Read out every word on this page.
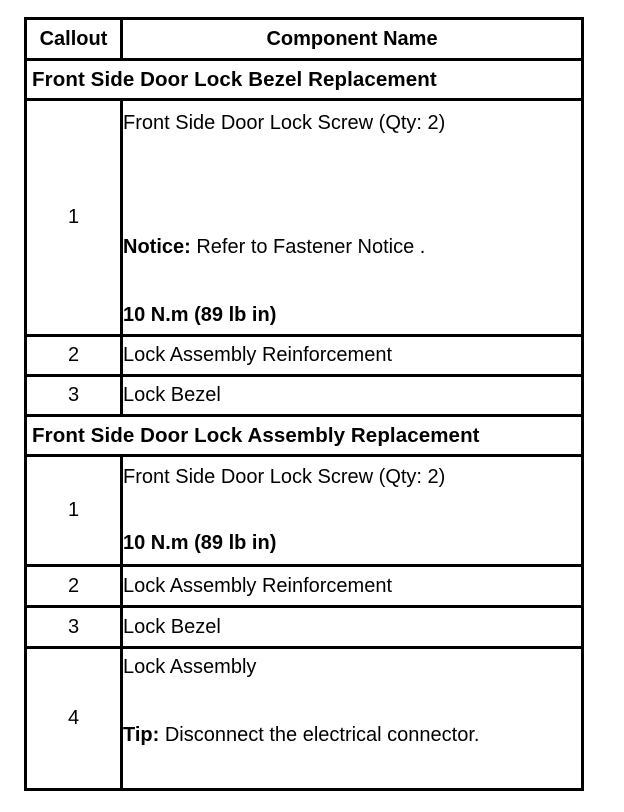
Callout	Component Name
Front Side Door Lock Bezel Replacement	
1	Front Side Door Lock Screw (Qty: 2)
Notice: Refer to Fastener Notice .
10 N.m (89 lb in)

2	Lock Assembly Reinforcement
3	Lock Bezel
Front Side Door Lock Assembly Replacement	
1	Front Side Door Lock Screw (Qty: 2)
10 N.m (89 lb in)

2	Lock Assembly Reinforcement
3	Lock Bezel
4	Lock Assembly
Tip: Disconnect the electrical connector.
